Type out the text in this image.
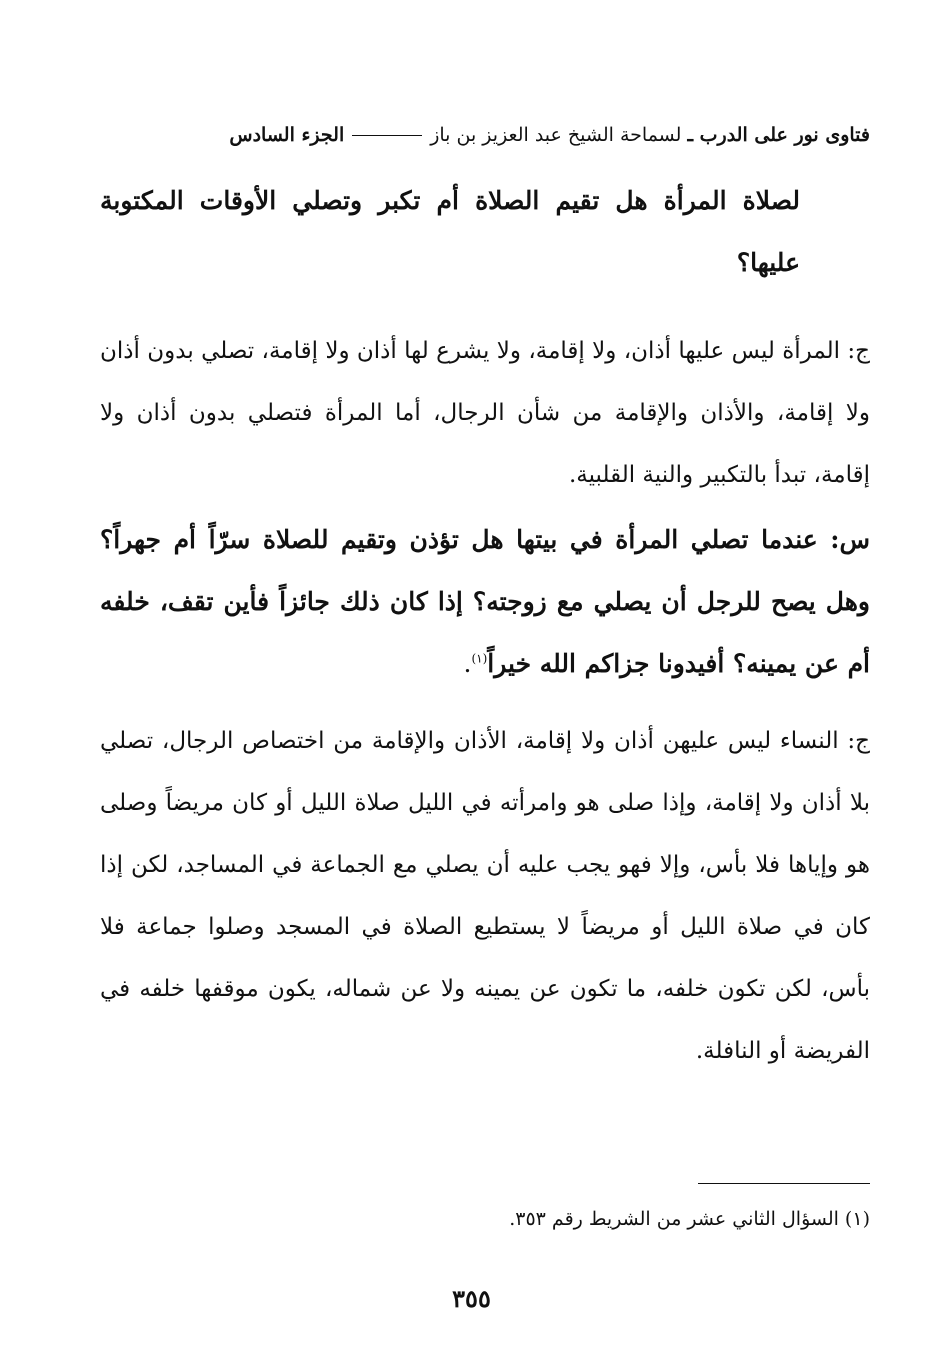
فتاوى نور على الدرب ـ

لسماحة الشيخ عبد العزيز بن باز
الجزء السادس

لصلاة المرأة هل تقيم الصلاة أم تكبر وتصلي الأوقات المكتوبة عليها؟

ج: المرأة ليس عليها أذان، ولا إقامة، ولا يشرع لها أذان ولا إقامة، تصلي بدون أذان ولا إقامة، والأذان والإقامة من شأن الرجال، أما المرأة فتصلي بدون أذان ولا إقامة، تبدأ بالتكبير والنية القلبية.

س: عندما تصلي المرأة في بيتها هل تؤذن وتقيم للصلاة سرّاً أم جهراً؟ وهل يصح للرجل أن يصلي مع زوجته؟ إذا كان ذلك جائزاً فأين تقف، خلفه أم عن يمينه؟ أفيدونا جزاكم الله خيراً$^{(١)}$.

ج: النساء ليس عليهن أذان ولا إقامة، الأذان والإقامة من اختصاص الرجال، تصلي بلا أذان ولا إقامة، وإذا صلى هو وامرأته في الليل صلاة الليل أو كان مريضاً وصلى هو وإياها فلا بأس، وإلا فهو يجب عليه أن يصلي مع الجماعة في المساجد، لكن إذا كان في صلاة الليل أو مريضاً لا يستطيع الصلاة في المسجد وصلوا جماعة فلا بأس، لكن تكون خلفه، ما تكون عن يمينه ولا عن شماله، يكون موقفها خلفه في الفريضة أو النافلة.

(١) السؤال الثاني عشر من الشريط رقم ٣٥٣.
٣٥٥
